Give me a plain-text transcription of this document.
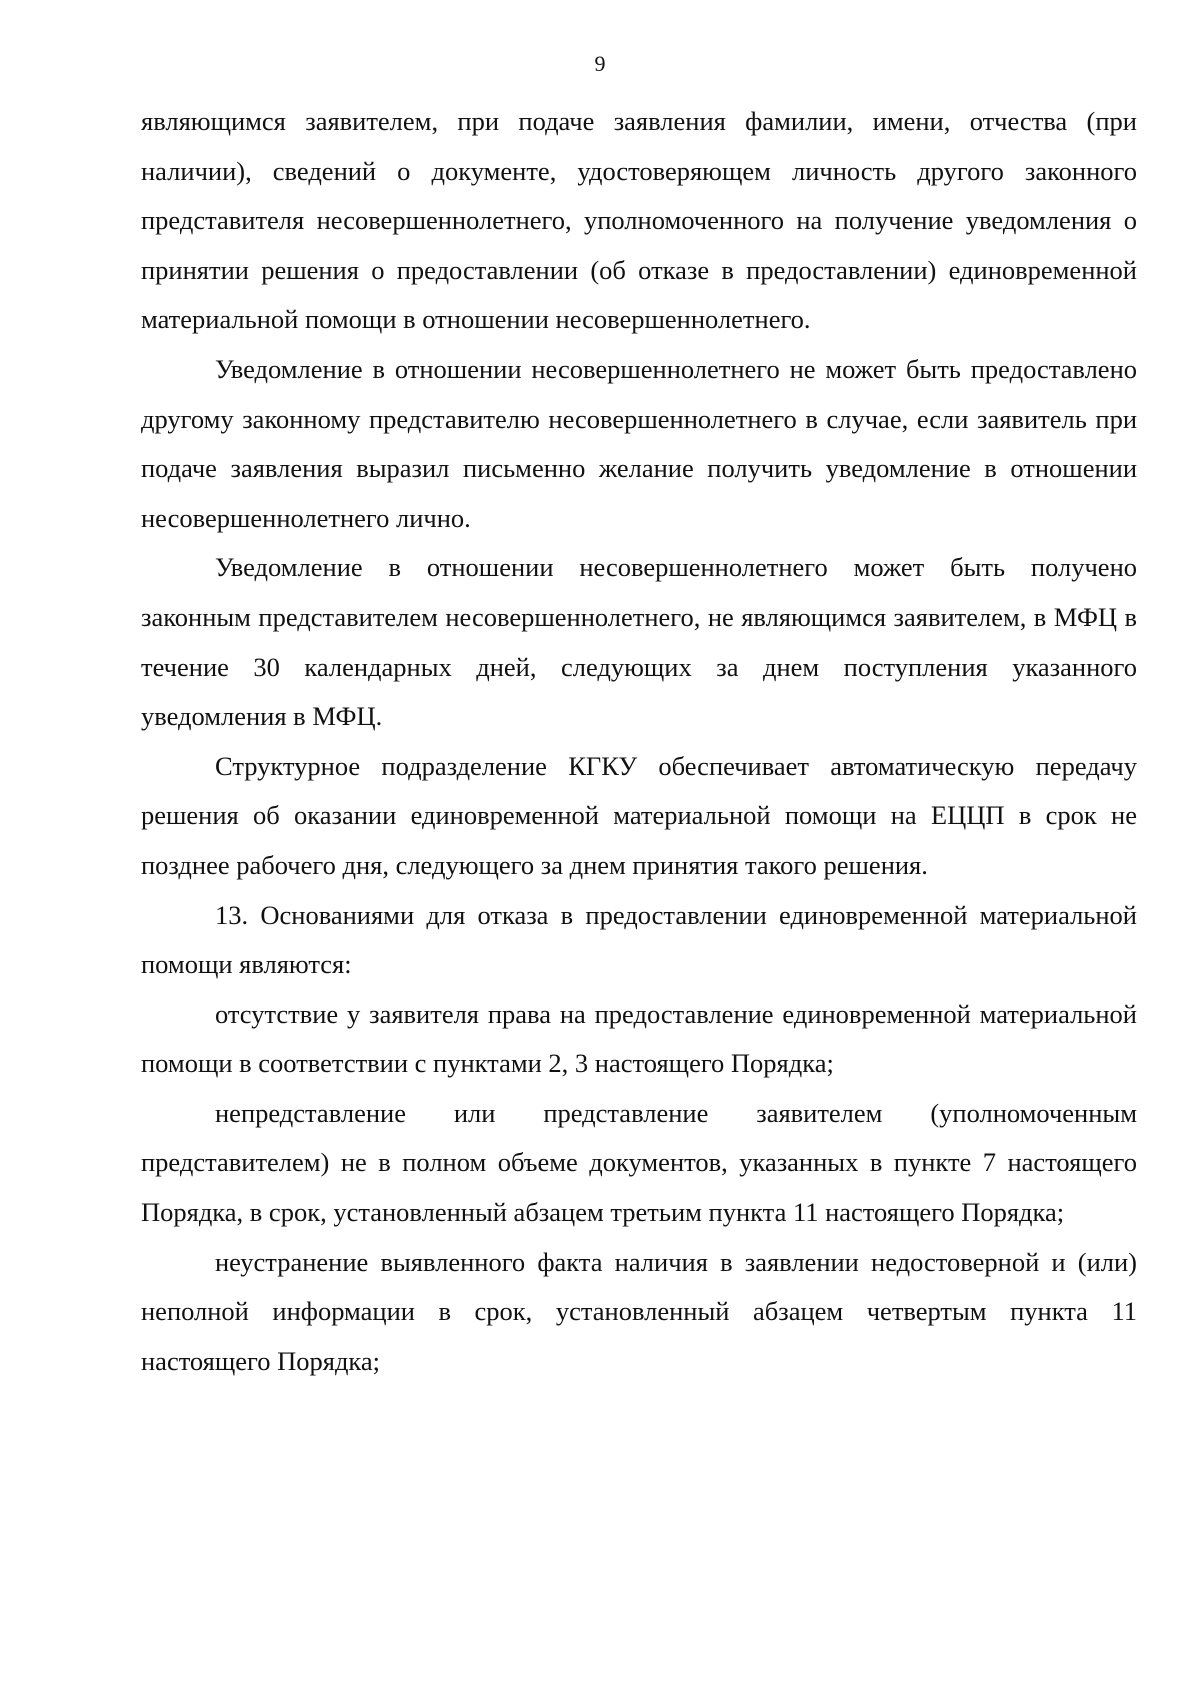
9

являющимся заявителем, при подаче заявления фамилии, имени, отчества (при наличии), сведений о документе, удостоверяющем личность другого законного представителя несовершеннолетнего, уполномоченного на получение уведомления о принятии решения о предоставлении (об отказе в предоставлении) единовременной материальной помощи в отношении несовершеннолетнего.

Уведомление в отношении несовершеннолетнего не может быть предоставлено другому законному представителю несовершеннолетнего в случае, если заявитель при подаче заявления выразил письменно желание получить уведомление в отношении несовершеннолетнего лично.

Уведомление в отношении несовершеннолетнего может быть получено законным представителем несовершеннолетнего, не являющимся заявителем, в МФЦ в течение 30 календарных дней, следующих за днем поступления указанного уведомления в МФЦ.

Структурное подразделение КГКУ обеспечивает автоматическую передачу решения об оказании единовременной материальной помощи на ЕЦЦП в срок не позднее рабочего дня, следующего за днем принятия такого решения.

13. Основаниями для отказа в предоставлении единовременной материальной помощи являются:

отсутствие у заявителя права на предоставление единовременной материальной помощи в соответствии с пунктами 2, 3 настоящего Порядка;

непредставление или представление заявителем (уполномоченным представителем) не в полном объеме документов, указанных в пункте 7 настоящего Порядка, в срок, установленный абзацем третьим пункта 11 настоящего Порядка;

неустранение выявленного факта наличия в заявлении недостоверной и (или) неполной информации в срок, установленный абзацем четвертым пункта 11 настоящего Порядка;
